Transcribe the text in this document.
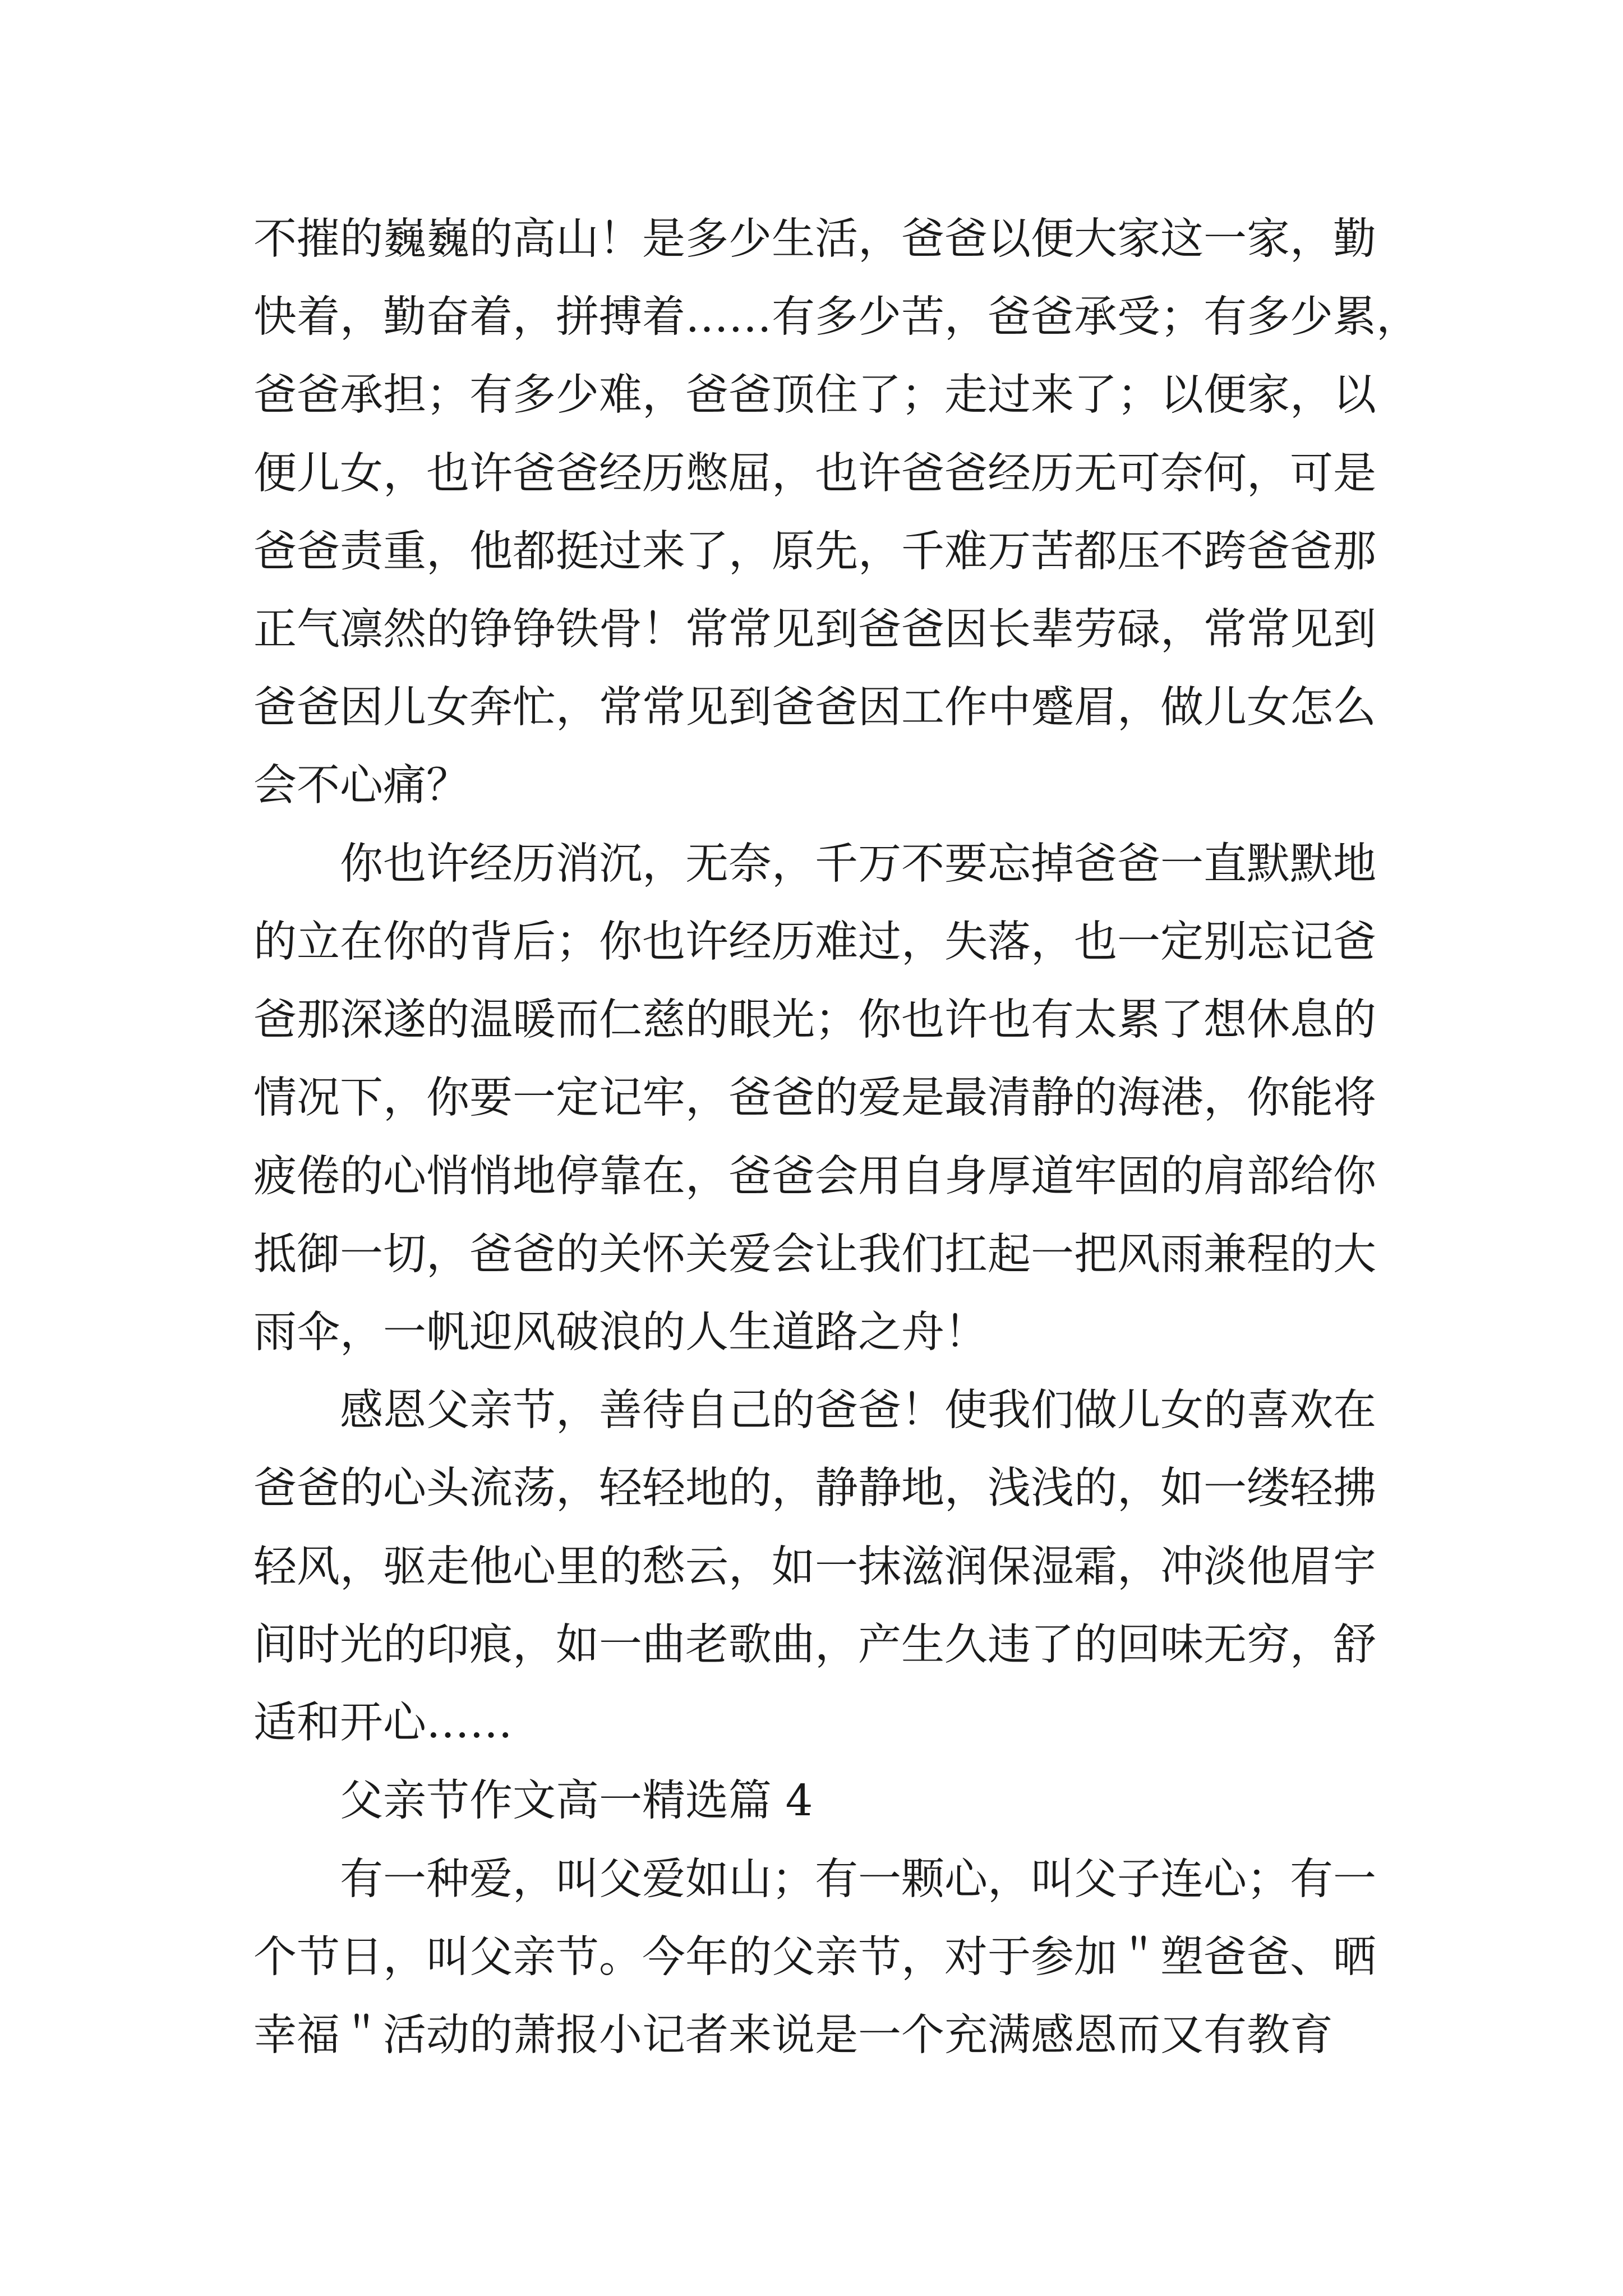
不摧的巍巍的高山！是多少生活，爸爸以便大家这一家，勤
快着，勤奋着，拼搏着……有多少苦，爸爸承受；有多少累，
爸爸承担；有多少难，爸爸顶住了；走过来了；以便家，以
便儿女，也许爸爸经历憋屈，也许爸爸经历无可奈何，可是
爸爸责重，他都挺过来了，原先，千难万苦都压不跨爸爸那
正气凛然的铮铮铁骨！常常见到爸爸因长辈劳碌，常常见到
爸爸因儿女奔忙，常常见到爸爸因工作中蹙眉，做儿女怎么
会不心痛？
你也许经历消沉，无奈，千万不要忘掉爸爸一直默默地
的立在你的背后；你也许经历难过，失落，也一定别忘记爸
爸那深遂的温暖而仁慈的眼光；你也许也有太累了想休息的
情况下，你要一定记牢，爸爸的爱是最清静的海港，你能将
疲倦的心悄悄地停靠在，爸爸会用自身厚道牢固的肩部给你
抵御一切，爸爸的关怀关爱会让我们扛起一把风雨兼程的大
雨伞，一帆迎风破浪的人生道路之舟！
感恩父亲节，善待自己的爸爸！使我们做儿女的喜欢在
爸爸的心头流荡，轻轻地的，静静地，浅浅的，如一缕轻拂
轻风，驱走他心里的愁云，如一抹滋润保湿霜，冲淡他眉宇
间时光的印痕，如一曲老歌曲，产生久违了的回味无穷，舒
适和开心……
父亲节作文高一精选篇 4
有一种爱，叫父爱如山；有一颗心，叫父子连心；有一
个节日，叫父亲节。今年的父亲节，对于参加＂塑爸爸、晒
幸福＂活动的萧报小记者来说是一个充满感恩而又有教育
